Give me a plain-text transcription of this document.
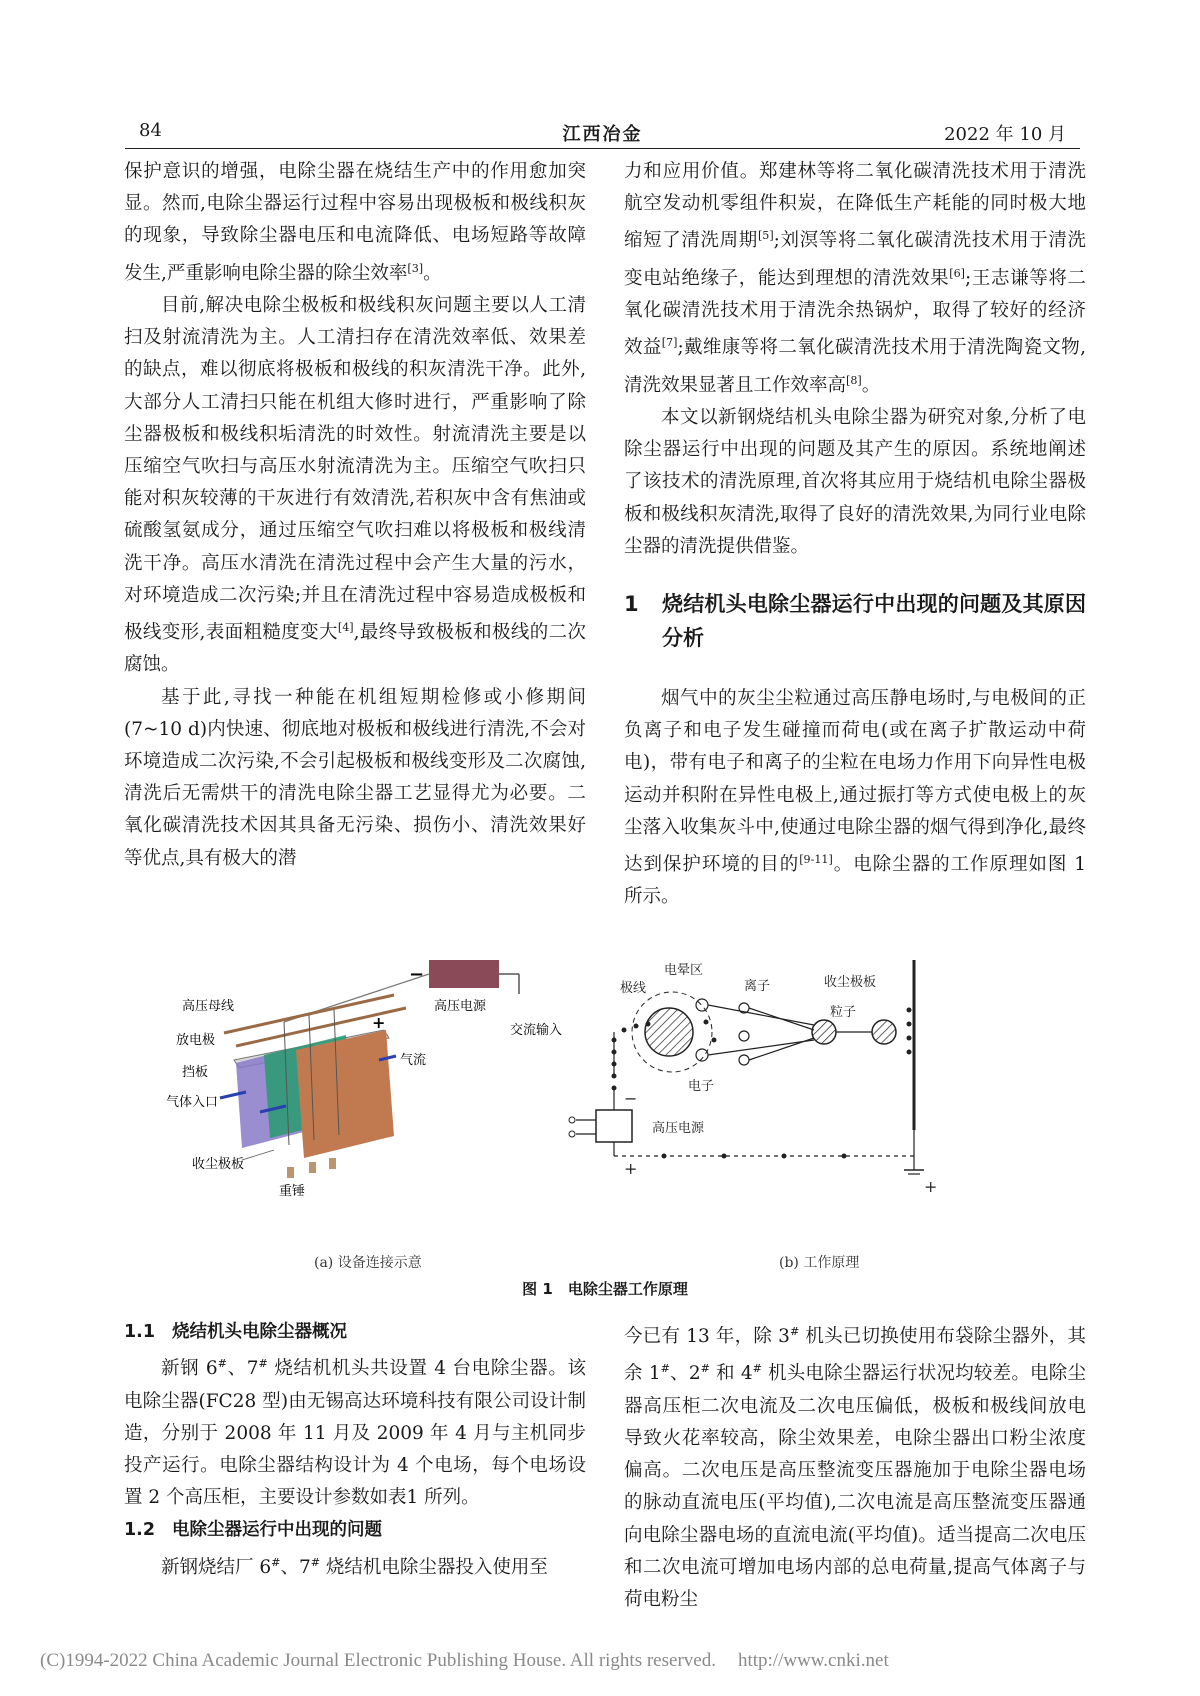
84	江西冶金	2022 年 10 月

保护意识的增强，电除尘器在烧结生产中的作用愈加突显。然而,电除尘器运行过程中容易出现极板和极线积灰的现象，导致除尘器电压和电流降低、电场短路等故障发生,严重影响电除尘器的除尘效率[3]。

目前,解决电除尘极板和极线积灰问题主要以人工清扫及射流清洗为主。人工清扫存在清洗效率低、效果差的缺点，难以彻底将极板和极线的积灰清洗干净。此外,大部分人工清扫只能在机组大修时进行，严重影响了除尘器极板和极线积垢清洗的时效性。射流清洗主要是以压缩空气吹扫与高压水射流清洗为主。压缩空气吹扫只能对积灰较薄的干灰进行有效清洗,若积灰中含有焦油或硫酸氢氨成分，通过压缩空气吹扫难以将极板和极线清洗干净。高压水清洗在清洗过程中会产生大量的污水，对环境造成二次污染;并且在清洗过程中容易造成极板和极线变形,表面粗糙度变大[4],最终导致极板和极线的二次腐蚀。

基于此,寻找一种能在机组短期检修或小修期间(7~10 d)内快速、彻底地对极板和极线进行清洗,不会对环境造成二次污染,不会引起极板和极线变形及二次腐蚀,清洗后无需烘干的清洗电除尘器工艺显得尤为必要。二氧化碳清洗技术因其具备无污染、损伤小、清洗效果好等优点,具有极大的潜

力和应用价值。郑建林等将二氧化碳清洗技术用于清洗航空发动机零组件积炭，在降低生产耗能的同时极大地缩短了清洗周期[5];刘溟等将二氧化碳清洗技术用于清洗变电站绝缘子，能达到理想的清洗效果[6];王志谦等将二氧化碳清洗技术用于清洗余热锅炉，取得了较好的经济效益[7];戴维康等将二氧化碳清洗技术用于清洗陶瓷文物,清洗效果显著且工作效率高[8]。

本文以新钢烧结机头电除尘器为研究对象,分析了电除尘器运行中出现的问题及其产生的原因。系统地阐述了该技术的清洗原理,首次将其应用于烧结机电除尘器极板和极线积灰清洗,取得了良好的清洗效果,为同行业电除尘器的清洗提供借鉴。

1	烧结机头电除尘器运行中出现的问题及其原因分析

烟气中的灰尘尘粒通过高压静电场时,与电极间的正负离子和电子发生碰撞而荷电(或在离子扩散运动中荷电)，带有电子和离子的尘粒在电场力作用下向异性电极运动并积附在异性电极上,通过振打等方式使电极上的灰尘落入收集灰斗中,使通过电除尘器的烟气得到净化,最终达到保护环境的目的[9-11]。电除尘器的工作原理如图 1 所示。

高压电源
交流输入
−
高压母线
放电极
挡板
气体入口
+
气流
重锤
收尘极板
电晕区
极线	离子	收尘极板
粒子
电子
高压电源
−
+
+
(a) 设备连接示意	(b) 工作原理
图 1　电除尘器工作原理
1.1 烧结机头电除尘器概况

新钢 6#、7# 烧结机机头共设置 4 台电除尘器。该电除尘器(FC28 型)由无锡高达环境科技有限公司设计制造，分别于 2008 年 11 月及 2009 年 4 月与主机同步投产运行。电除尘器结构设计为 4 个电场，每个电场设置 2 个高压柜，主要设计参数如表1 所列。

1.2 电除尘器运行中出现的问题

新钢烧结厂 6#、7# 烧结机电除尘器投入使用至

今已有 13 年，除 3# 机头已切换使用布袋除尘器外，其余 1#、2# 和 4# 机头电除尘器运行状况均较差。电除尘器高压柜二次电流及二次电压偏低，极板和极线间放电导致火花率较高，除尘效果差，电除尘器出口粉尘浓度偏高。二次电压是高压整流变压器施加于电除尘器电场的脉动直流电压(平均值),二次电流是高压整流变压器通向电除尘器电场的直流电流(平均值)。适当提高二次电压和二次电流可增加电场内部的总电荷量,提高气体离子与荷电粉尘

(C)1994-2022 China Academic Journal Electronic Publishing House. All rights reserved. http://www.cnki.net
